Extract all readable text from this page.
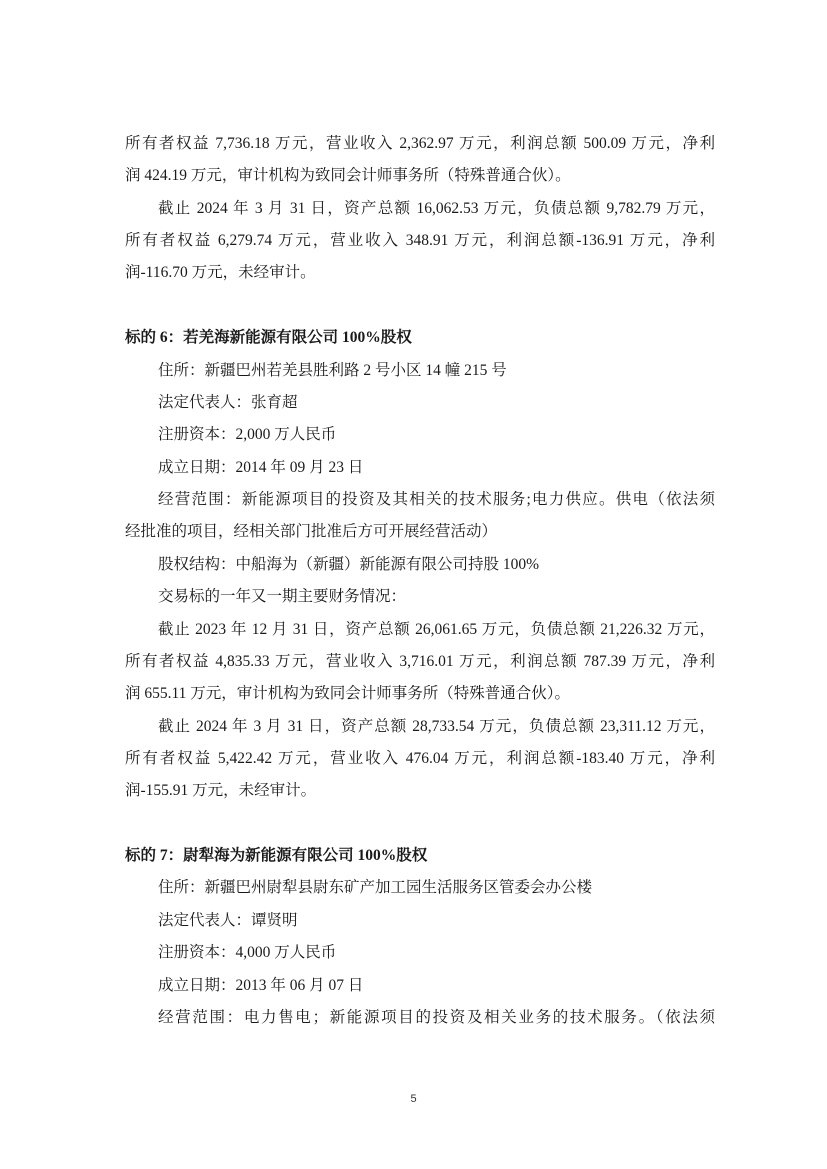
所有者权益 7,736.18 万元，营业收入 2,362.97 万元，利润总额 500.09 万元，净利
润 424.19 万元，审计机构为致同会计师事务所（特殊普通合伙）。
截止 2024 年 3 月 31 日，资产总额 16,062.53 万元，负债总额 9,782.79 万元，
所有者权益 6,279.74 万元，营业收入 348.91 万元，利润总额-136.91 万元，净利
润-116.70 万元，未经审计。
标的 6：若羌海新能源有限公司 100%股权
住所：新疆巴州若羌县胜利路 2 号小区 14 幢 215 号
法定代表人：张育超
注册资本：2,000 万人民币
成立日期：2014 年 09 月 23 日
经营范围：新能源项目的投资及其相关的技术服务;电力供应。供电（依法须
经批准的项目，经相关部门批准后方可开展经营活动）
股权结构：中船海为（新疆）新能源有限公司持股 100%
交易标的一年又一期主要财务情况：
截止 2023 年 12 月 31 日，资产总额 26,061.65 万元，负债总额 21,226.32 万元，
所有者权益 4,835.33 万元，营业收入 3,716.01 万元，利润总额 787.39 万元，净利
润 655.11 万元，审计机构为致同会计师事务所（特殊普通合伙）。
截止 2024 年 3 月 31 日，资产总额 28,733.54 万元，负债总额 23,311.12 万元，
所有者权益 5,422.42 万元，营业收入 476.04 万元，利润总额-183.40 万元，净利
润-155.91 万元，未经审计。
标的 7：尉犁海为新能源有限公司 100%股权
住所：新疆巴州尉犁县尉东矿产加工园生活服务区管委会办公楼
法定代表人：谭贤明
注册资本：4,000 万人民币
成立日期：2013 年 06 月 07 日
经营范围：电力售电；新能源项目的投资及相关业务的技术服务。（依法须
5
